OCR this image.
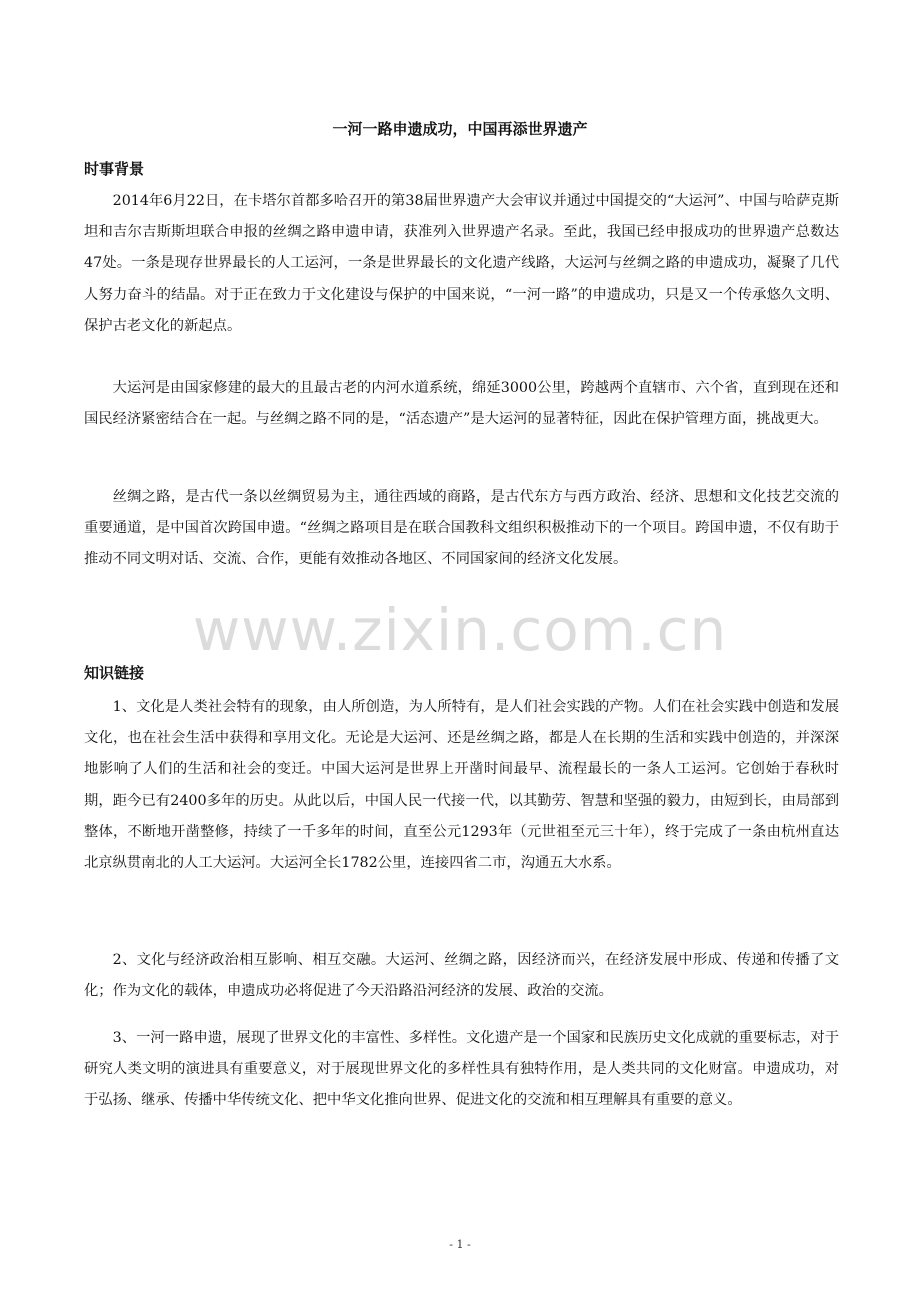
一河一路申遗成功，中国再添世界遗产
时事背景

2014年6月22日，在卡塔尔首都多哈召开的第38届世界遗产大会审议并通过中国提交的“大运河”、中国与哈萨克斯坦和吉尔吉斯斯坦联合申报的丝绸之路申遗申请，获准列入世界遗产名录。至此，我国已经申报成功的世界遗产总数达47处。一条是现存世界最长的人工运河，一条是世界最长的文化遗产线路，大运河与丝绸之路的申遗成功，凝聚了几代人努力奋斗的结晶。对于正在致力于文化建设与保护的中国来说，“一河一路”的申遗成功，只是又一个传承悠久文明、保护古老文化的新起点。

大运河是由国家修建的最大的且最古老的内河水道系统，绵延3000公里，跨越两个直辖市、六个省，直到现在还和国民经济紧密结合在一起。与丝绸之路不同的是，“活态遗产”是大运河的显著特征，因此在保护管理方面，挑战更大。

丝绸之路，是古代一条以丝绸贸易为主，通往西域的商路，是古代东方与西方政治、经济、思想和文化技艺交流的重要通道，是中国首次跨国申遗。“丝绸之路项目是在联合国教科文组织积极推动下的一个项目。跨国申遗，不仅有助于推动不同文明对话、交流、合作，更能有效推动各地区、不同国家间的经济文化发展。

www.zixin.com.cn
知识链接

1、文化是人类社会特有的现象，由人所创造，为人所特有，是人们社会实践的产物。人们在社会实践中创造和发展文化，也在社会生活中获得和享用文化。无论是大运河、还是丝绸之路，都是人在长期的生活和实践中创造的，并深深地影响了人们的生活和社会的变迁。中国大运河是世界上开凿时间最早、流程最长的一条人工运河。它创始于春秋时期，距今已有2400多年的历史。从此以后，中国人民一代接一代，以其勤劳、智慧和坚强的毅力，由短到长，由局部到整体，不断地开凿整修，持续了一千多年的时间，直至公元1293年（元世祖至元三十年），终于完成了一条由杭州直达北京纵贯南北的人工大运河。大运河全长1782公里，连接四省二市，沟通五大水系。

2、文化与经济政治相互影响、相互交融。大运河、丝绸之路，因经济而兴，在经济发展中形成、传递和传播了文化；作为文化的载体，申遗成功必将促进了今天沿路沿河经济的发展、政治的交流。

3、一河一路申遗，展现了世界文化的丰富性、多样性。文化遗产是一个国家和民族历史文化成就的重要标志，对于研究人类文明的演进具有重要意义，对于展现世界文化的多样性具有独特作用，是人类共同的文化财富。申遗成功，对于弘扬、继承、传播中华传统文化、把中华文化推向世界、促进文化的交流和相互理解具有重要的意义。

- 1 -
